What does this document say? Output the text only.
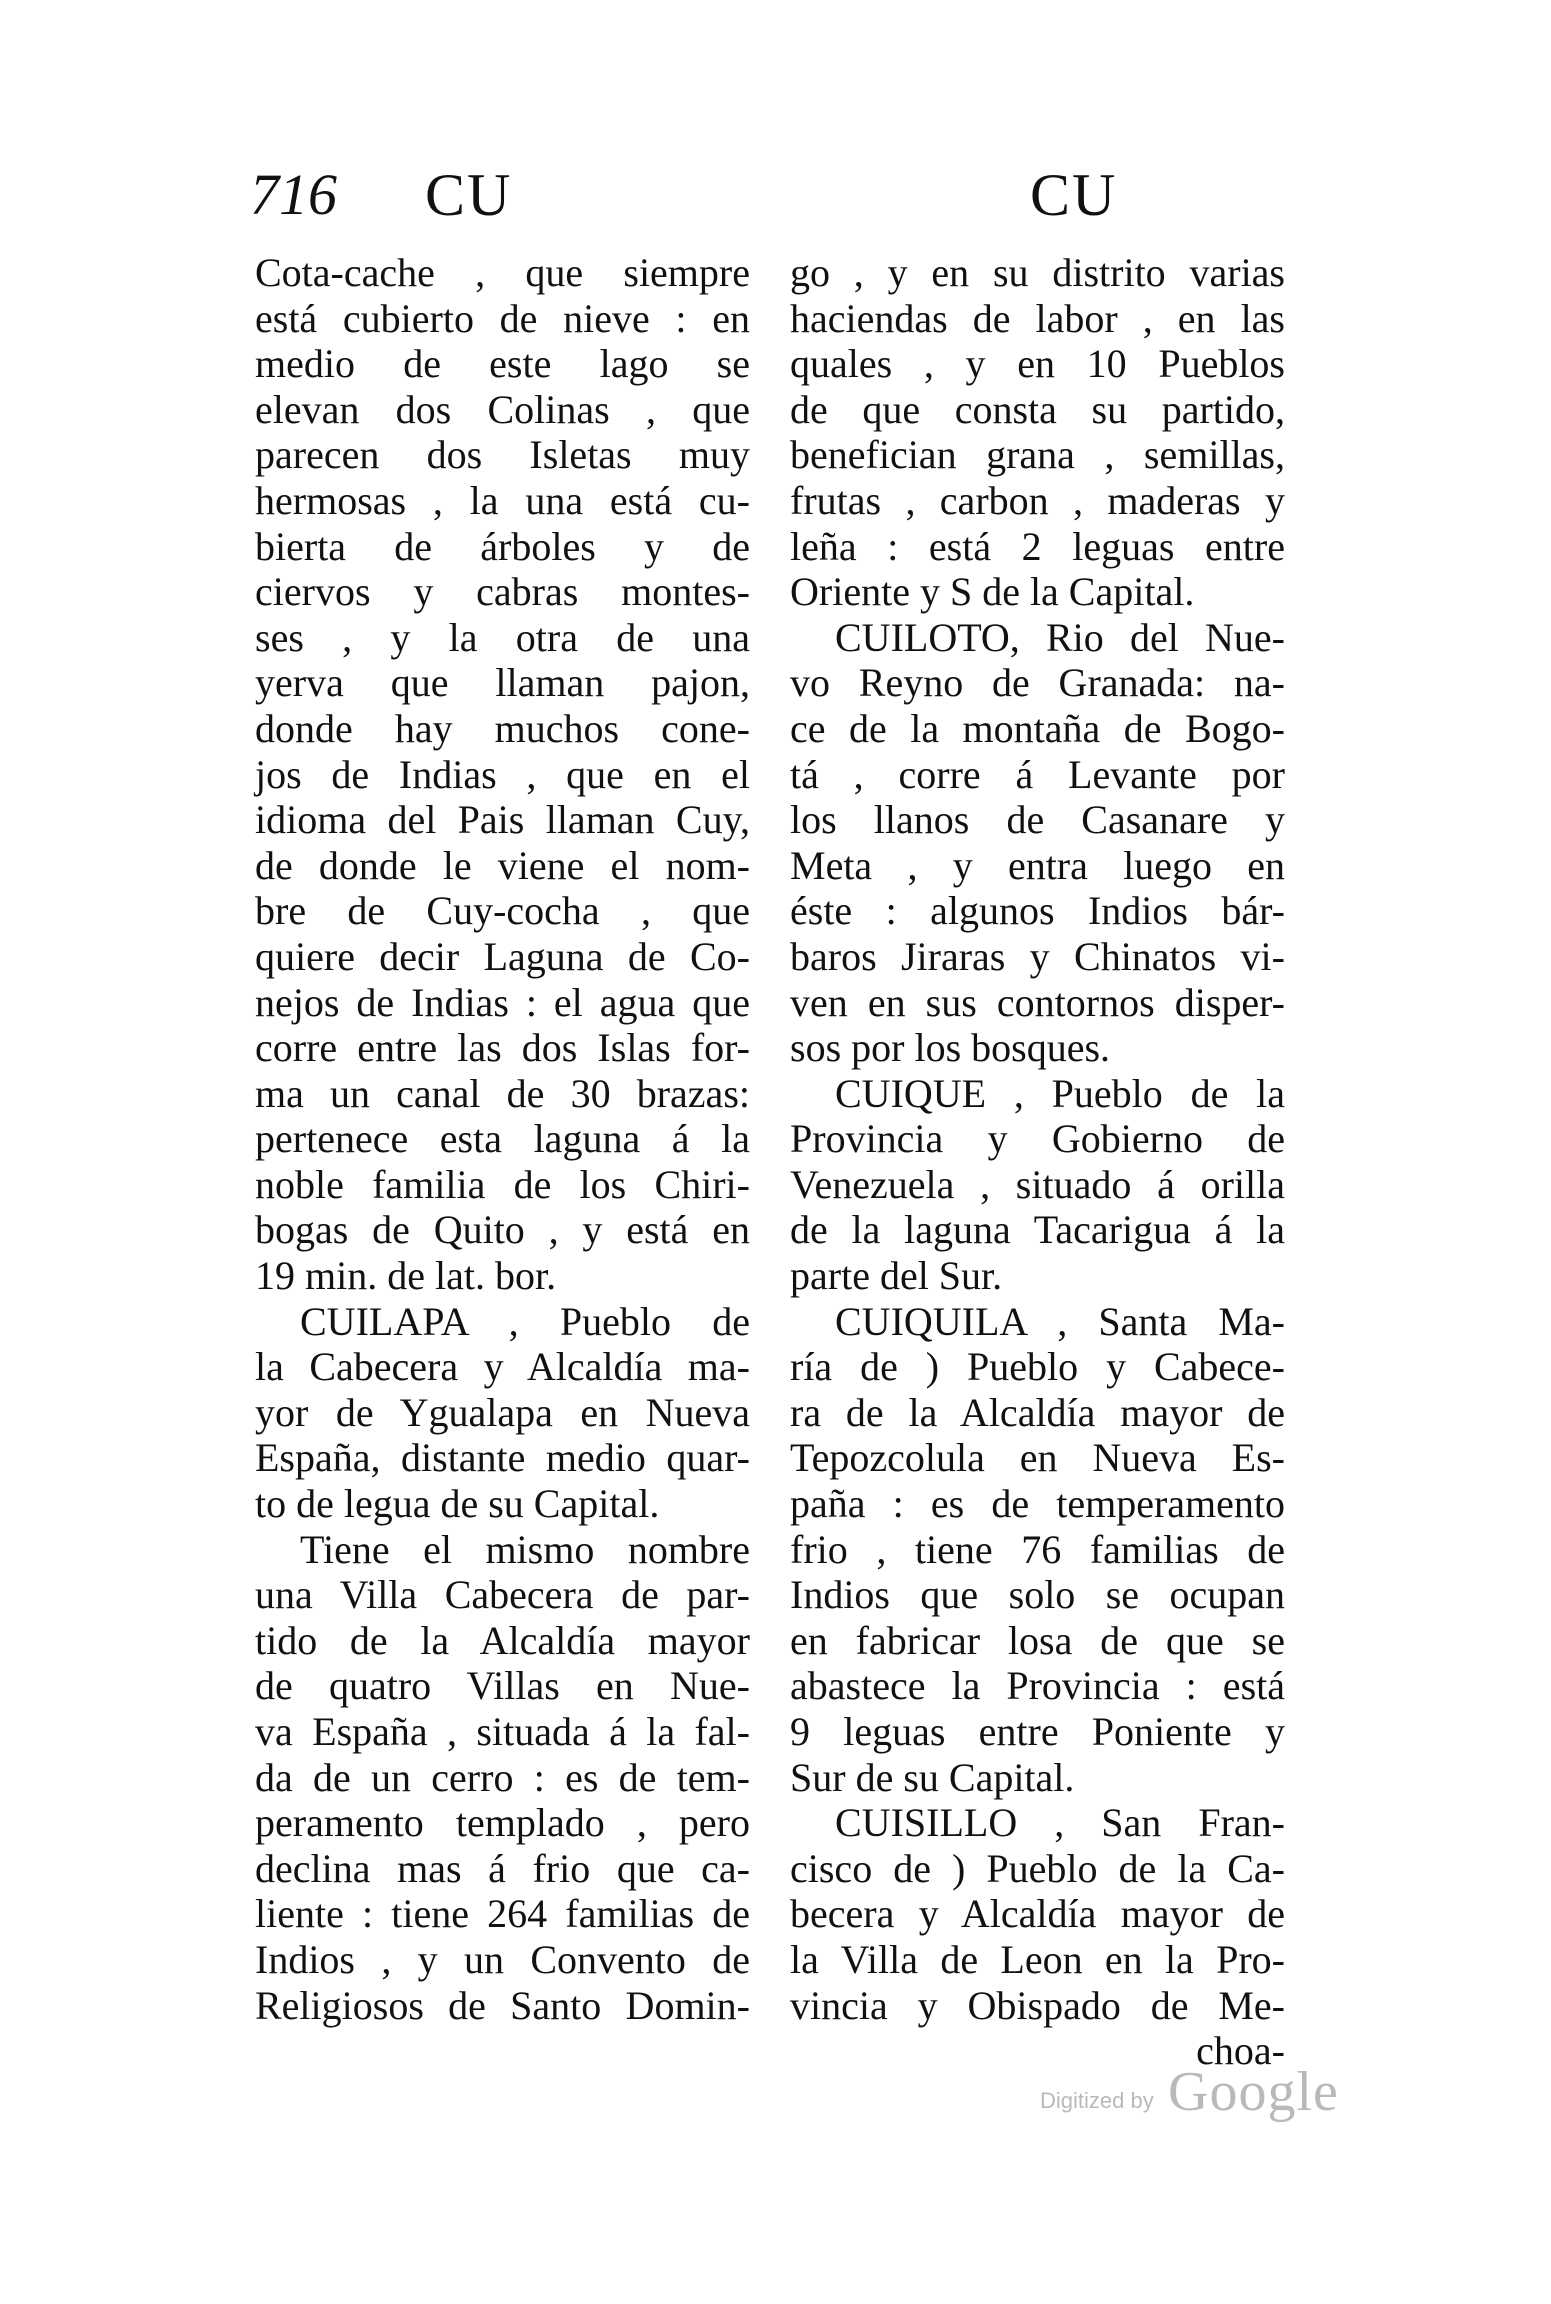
716 CU	CU
Cota-cache , que siempre
está cubierto de nieve : en
medio de este lago se
elevan dos Colinas , que
parecen dos Isletas muy
hermosas , la una está cu-
bierta de árboles y de
ciervos y cabras montes-
ses , y la otra de una
yerva que llaman pajon,
donde hay muchos cone-
jos de Indias , que en el
idioma del Pais llaman Cuy,
de donde le viene el nom-
bre de Cuy-cocha , que
quiere decir Laguna de Co-
nejos de Indias : el agua que
corre entre las dos Islas for-
ma un canal de 30 brazas:
pertenece esta laguna á la
noble familia de los Chiri-
bogas de Quito , y está en
19 min. de lat. bor.
CUILAPA , Pueblo de
la Cabecera y Alcaldía ma-
yor de Ygualapa en Nueva
España, distante medio quar-
to de legua de su Capital.
Tiene el mismo nombre
una Villa Cabecera de par-
tido de la Alcaldía mayor
de quatro Villas en Nue-
va España , situada á la fal-
da de un cerro : es de tem-
peramento templado , pero
declina mas á frio que ca-
liente : tiene 264 familias de
Indios , y un Convento de
Religiosos de Santo Domin-
go , y en su distrito varias
haciendas de labor , en las
quales , y en 10 Pueblos
de que consta su partido,
benefician grana , semillas,
frutas , carbon , maderas y
leña : está 2 leguas entre
Oriente y S de la Capital.
CUILOTO, Rio del Nue-
vo Reyno de Granada: na-
ce de la montaña de Bogo-
tá , corre á Levante por
los llanos de Casanare y
Meta , y entra luego en
éste : algunos Indios bár-
baros Jiraras y Chinatos vi-
ven en sus contornos disper-
sos por los bosques.
CUIQUE , Pueblo de la
Provincia y Gobierno de
Venezuela , situado á orilla
de la laguna Tacarigua á la
parte del Sur.
CUIQUILA , Santa Ma-
ría de ) Pueblo y Cabece-
ra de la Alcaldía mayor de
Tepozcolula en Nueva Es-
paña : es de temperamento
frio , tiene 76 familias de
Indios que solo se ocupan
en fabricar losa de que se
abastece la Provincia : está
9 leguas entre Poniente y
Sur de su Capital.
CUISILLO , San Fran-
cisco de ) Pueblo de la Ca-
becera y Alcaldía mayor de
la Villa de Leon en la Pro-
vincia y Obispado de Me-
choa-
Digitized by Google
